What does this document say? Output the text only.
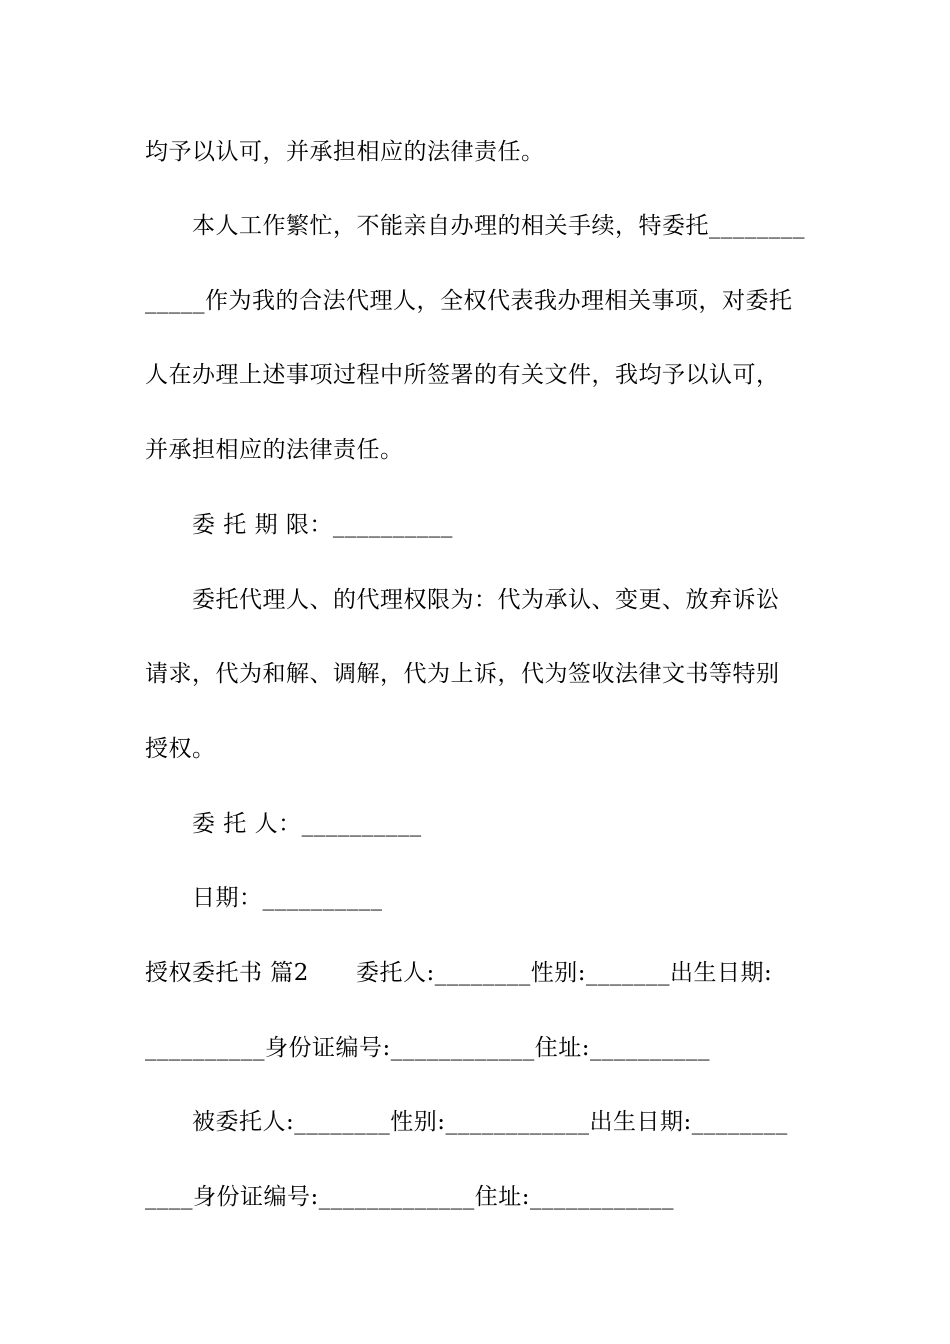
均予以认可，并承担相应的法律责任。
本人工作繁忙，不能亲自办理的相关手续，特委托________
_____作为我的合法代理人，全权代表我办理相关事项，对委托
人在办理上述事项过程中所签署的有关文件，我均予以认可，
并承担相应的法律责任。
委 托 期 限：__________
委托代理人、的代理权限为：代为承认、变更、放弃诉讼
请求，代为和解、调解，代为上诉，代为签收法律文书等特别
授权。
委 托 人：__________
日期：__________
授权委托书 篇2　　委托人:________性别:_______出生日期:
__________身份证编号:____________住址:__________
被委托人:________性别:____________出生日期:________
____身份证编号:_____________住址:____________
